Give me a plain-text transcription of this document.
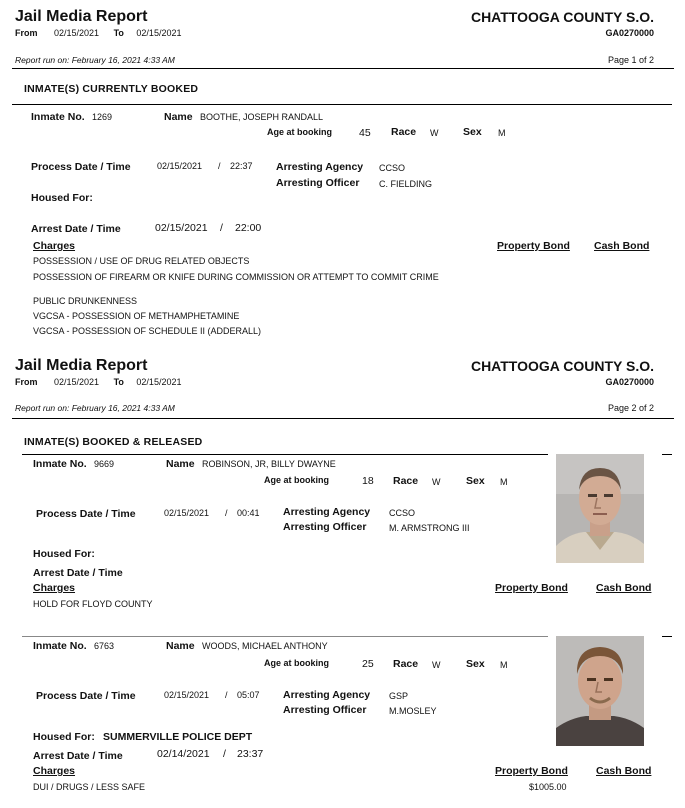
Jail Media Report	CHATTOOGA COUNTY S.O.
GA0270000
From 02/15/2021 To 02/15/2021
Report run on: February 16, 2021 4:33 AM	Page 1 of 2
INMATE(S) CURRENTLY BOOKED
Inmate No. 1269	Name BOOTHE, JOSEPH RANDALL
Age at booking	45 Race W Sex M
Process Date / Time	02/15/2021 / 22:37 Arresting Agency CCSO
Arresting Officer C. FIELDING
Housed For:
Arrest Date / Time	02/15/2021 / 22:00
Charges	Property Bond Cash Bond
POSSESSION / USE OF DRUG RELATED OBJECTS
POSSESSION OF FIREARM OR KNIFE DURING COMMISSION OR ATTEMPT TO COMMIT CRIME
PUBLIC DRUNKENNESS
VGCSA - POSSESSION OF METHAMPHETAMINE
VGCSA - POSSESSION OF SCHEDULE II (ADDERALL)
Jail Media Report	CHATTOOGA COUNTY S.O.
GA0270000
From 02/15/2021 To 02/15/2021
Report run on: February 16, 2021 4:33 AM	Page 2 of 2
INMATE(S) BOOKED & RELEASED
Inmate No. 9669	Name ROBINSON, JR, BILLY DWAYNE
Age at booking	18 Race W Sex M
Process Date / Time	02/15/2021 / 00:41 Arresting Agency CCSO
Arresting Officer	M. ARMSTRONG III
Housed For:
Arrest Date / Time
Charges	Property Bond	Cash Bond
HOLD FOR FLOYD COUNTY
Inmate No. 6763	Name WOODS, MICHAEL ANTHONY
Age at booking	25 Race W Sex M
Process Date / Time	02/15/2021 / 05:07 Arresting Agency GSP
Arresting Officer	M.MOSLEY
Housed For: SUMMERVILLE POLICE DEPT
Arrest Date / Time	02/14/2021 / 23:37
Charges	Property Bond	Cash Bond
DUI / DRUGS / LESS SAFE	$1005.00
